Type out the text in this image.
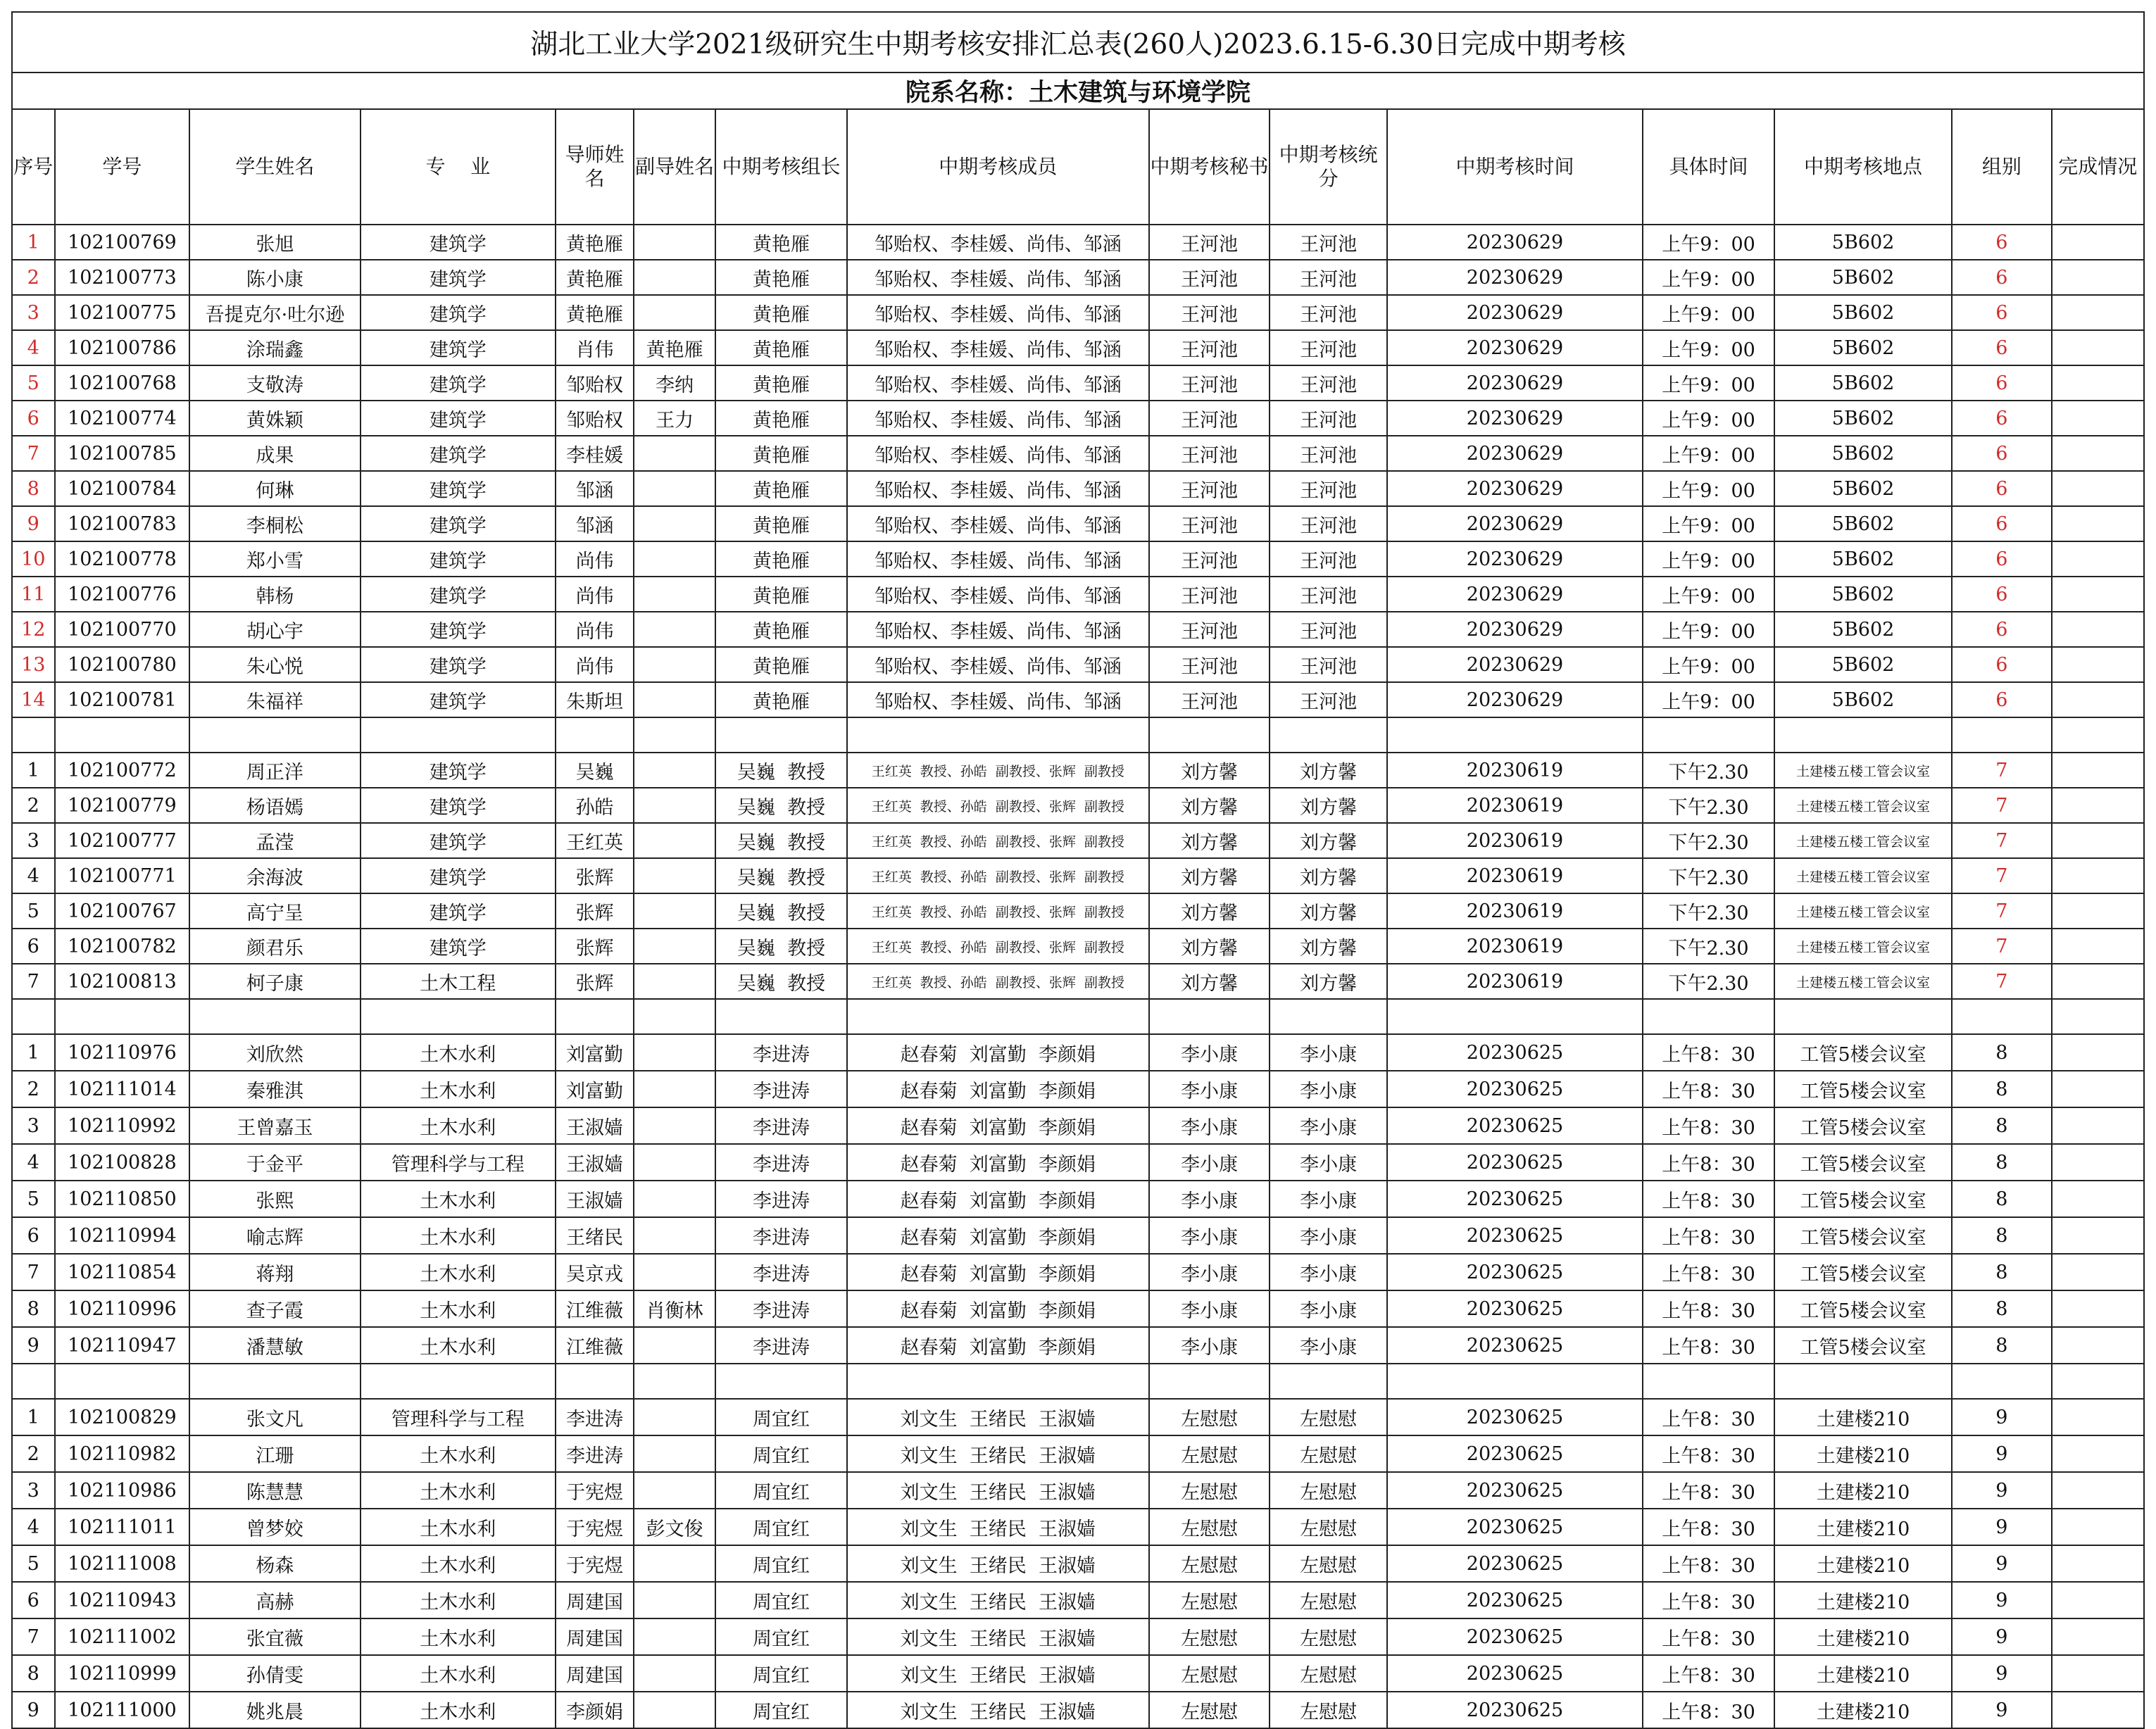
湖北工业大学2021级研究生中期考核安排汇总表(260人)2023.6.15-6.30日完成中期考核														
院系名称：土木建筑与环境学院														
序号	学号	学生姓名	专    业	导师姓名	副导姓名	中期考核组长	中期考核成员	中期考核秘书	中期考核统分	中期考核时间	具体时间	中期考核地点	组别	完成情况
1	102100769	张旭	建筑学	黄艳雁		黄艳雁	邹贻权、李桂媛、尚伟、邹涵	王河池	王河池	20230629	上午9：00	5B602	6	
2	102100773	陈小康	建筑学	黄艳雁		黄艳雁	邹贻权、李桂媛、尚伟、邹涵	王河池	王河池	20230629	上午9：00	5B602	6	
3	102100775	吾提克尔·吐尔逊	建筑学	黄艳雁		黄艳雁	邹贻权、李桂媛、尚伟、邹涵	王河池	王河池	20230629	上午9：00	5B602	6	
4	102100786	涂瑞鑫	建筑学	肖伟	黄艳雁	黄艳雁	邹贻权、李桂媛、尚伟、邹涵	王河池	王河池	20230629	上午9：00	5B602	6	
5	102100768	支敬涛	建筑学	邹贻权	李纳	黄艳雁	邹贻权、李桂媛、尚伟、邹涵	王河池	王河池	20230629	上午9：00	5B602	6	
6	102100774	黄姝颖	建筑学	邹贻权	王力	黄艳雁	邹贻权、李桂媛、尚伟、邹涵	王河池	王河池	20230629	上午9：00	5B602	6	
7	102100785	成果	建筑学	李桂媛		黄艳雁	邹贻权、李桂媛、尚伟、邹涵	王河池	王河池	20230629	上午9：00	5B602	6	
8	102100784	何琳	建筑学	邹涵		黄艳雁	邹贻权、李桂媛、尚伟、邹涵	王河池	王河池	20230629	上午9：00	5B602	6	
9	102100783	李桐松	建筑学	邹涵		黄艳雁	邹贻权、李桂媛、尚伟、邹涵	王河池	王河池	20230629	上午9：00	5B602	6	
10	102100778	郑小雪	建筑学	尚伟		黄艳雁	邹贻权、李桂媛、尚伟、邹涵	王河池	王河池	20230629	上午9：00	5B602	6	
11	102100776	韩杨	建筑学	尚伟		黄艳雁	邹贻权、李桂媛、尚伟、邹涵	王河池	王河池	20230629	上午9：00	5B602	6	
12	102100770	胡心宇	建筑学	尚伟		黄艳雁	邹贻权、李桂媛、尚伟、邹涵	王河池	王河池	20230629	上午9：00	5B602	6	
13	102100780	朱心悦	建筑学	尚伟		黄艳雁	邹贻权、李桂媛、尚伟、邹涵	王河池	王河池	20230629	上午9：00	5B602	6	
14	102100781	朱福祥	建筑学	朱斯坦		黄艳雁	邹贻权、李桂媛、尚伟、邹涵	王河池	王河池	20230629	上午9：00	5B602	6	

1	102100772	周正洋	建筑学	吴巍		吴巍  教授	王红英  教授、孙皓  副教授、张辉  副教授	刘方馨	刘方馨	20230619	下午2.30	土建楼五楼工管会议室	7	
2	102100779	杨语嫣	建筑学	孙皓		吴巍  教授	王红英  教授、孙皓  副教授、张辉  副教授	刘方馨	刘方馨	20230619	下午2.30	土建楼五楼工管会议室	7	
3	102100777	孟滢	建筑学	王红英		吴巍  教授	王红英  教授、孙皓  副教授、张辉  副教授	刘方馨	刘方馨	20230619	下午2.30	土建楼五楼工管会议室	7	
4	102100771	余海波	建筑学	张辉		吴巍  教授	王红英  教授、孙皓  副教授、张辉  副教授	刘方馨	刘方馨	20230619	下午2.30	土建楼五楼工管会议室	7	
5	102100767	高宁呈	建筑学	张辉		吴巍  教授	王红英  教授、孙皓  副教授、张辉  副教授	刘方馨	刘方馨	20230619	下午2.30	土建楼五楼工管会议室	7	
6	102100782	颜君乐	建筑学	张辉		吴巍  教授	王红英  教授、孙皓  副教授、张辉  副教授	刘方馨	刘方馨	20230619	下午2.30	土建楼五楼工管会议室	7	
7	102100813	柯子康	土木工程	张辉		吴巍  教授	王红英  教授、孙皓  副教授、张辉  副教授	刘方馨	刘方馨	20230619	下午2.30	土建楼五楼工管会议室	7	

1	102110976	刘欣然	土木水利	刘富勤		李进涛	赵春菊  刘富勤  李颜娟	李小康	李小康	20230625	上午8：30	工管5楼会议室	8	
2	102111014	秦雅淇	土木水利	刘富勤		李进涛	赵春菊  刘富勤  李颜娟	李小康	李小康	20230625	上午8：30	工管5楼会议室	8	
3	102110992	王曾嘉玉	土木水利	王淑嫱		李进涛	赵春菊  刘富勤  李颜娟	李小康	李小康	20230625	上午8：30	工管5楼会议室	8	
4	102100828	于金平	管理科学与工程	王淑嫱		李进涛	赵春菊  刘富勤  李颜娟	李小康	李小康	20230625	上午8：30	工管5楼会议室	8	
5	102110850	张熙	土木水利	王淑嫱		李进涛	赵春菊  刘富勤  李颜娟	李小康	李小康	20230625	上午8：30	工管5楼会议室	8	
6	102110994	喻志辉	土木水利	王绪民		李进涛	赵春菊  刘富勤  李颜娟	李小康	李小康	20230625	上午8：30	工管5楼会议室	8	
7	102110854	蒋翔	土木水利	吴京戎		李进涛	赵春菊  刘富勤  李颜娟	李小康	李小康	20230625	上午8：30	工管5楼会议室	8	
8	102110996	查子霞	土木水利	江维薇	肖衡林	李进涛	赵春菊  刘富勤  李颜娟	李小康	李小康	20230625	上午8：30	工管5楼会议室	8	
9	102110947	潘慧敏	土木水利	江维薇		李进涛	赵春菊  刘富勤  李颜娟	李小康	李小康	20230625	上午8：30	工管5楼会议室	8	

1	102100829	张文凡	管理科学与工程	李进涛		周宜红	刘文生  王绪民  王淑嫱	左慰慰	左慰慰	20230625	上午8：30	土建楼210	9	
2	102110982	江珊	土木水利	李进涛		周宜红	刘文生  王绪民  王淑嫱	左慰慰	左慰慰	20230625	上午8：30	土建楼210	9	
3	102110986	陈慧慧	土木水利	于宪煜		周宜红	刘文生  王绪民  王淑嫱	左慰慰	左慰慰	20230625	上午8：30	土建楼210	9	
4	102111011	曾梦姣	土木水利	于宪煜	彭文俊	周宜红	刘文生  王绪民  王淑嫱	左慰慰	左慰慰	20230625	上午8：30	土建楼210	9	
5	102111008	杨森	土木水利	于宪煜		周宜红	刘文生  王绪民  王淑嫱	左慰慰	左慰慰	20230625	上午8：30	土建楼210	9	
6	102110943	高赫	土木水利	周建国		周宜红	刘文生  王绪民  王淑嫱	左慰慰	左慰慰	20230625	上午8：30	土建楼210	9	
7	102111002	张宜薇	土木水利	周建国		周宜红	刘文生  王绪民  王淑嫱	左慰慰	左慰慰	20230625	上午8：30	土建楼210	9	
8	102110999	孙倩雯	土木水利	周建国		周宜红	刘文生  王绪民  王淑嫱	左慰慰	左慰慰	20230625	上午8：30	土建楼210	9	
9	102111000	姚兆晨	土木水利	李颜娟		周宜红	刘文生  王绪民  王淑嫱	左慰慰	左慰慰	20230625	上午8：30	土建楼210	9	
